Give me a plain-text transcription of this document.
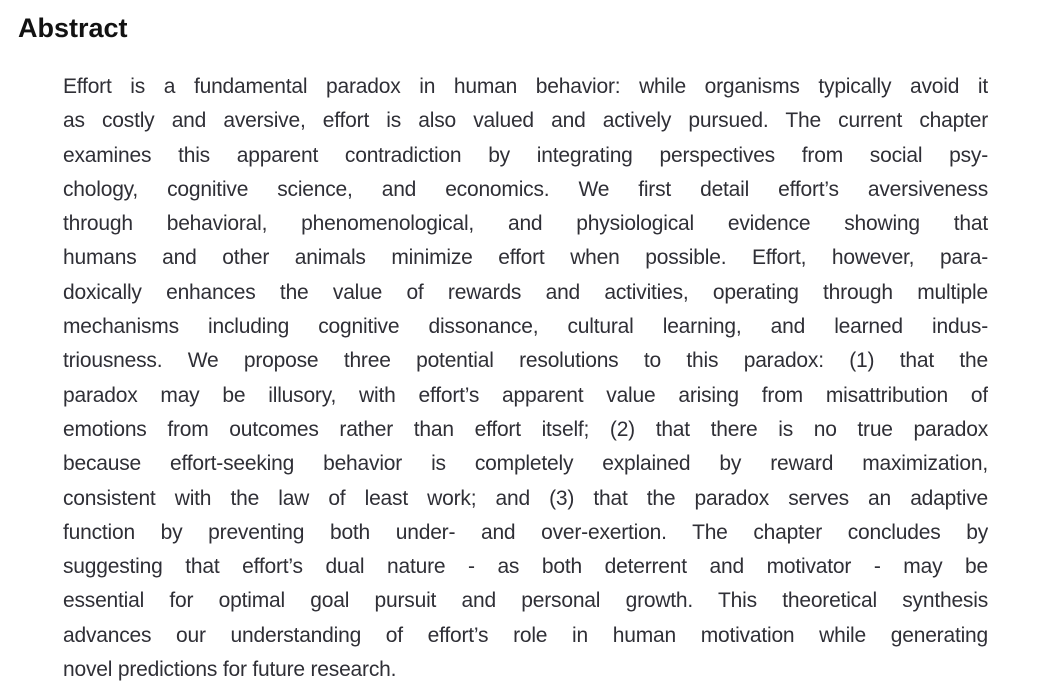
Abstract
Effort is a fundamental paradox in human behavior: while organisms typically avoid it
as costly and aversive, effort is also valued and actively pursued. The current chapter
examines this apparent contradiction by integrating perspectives from social psy-
chology, cognitive science, and economics. We first detail effort’s aversiveness
through behavioral, phenomenological, and physiological evidence showing that
humans and other animals minimize effort when possible. Effort, however, para-
doxically enhances the value of rewards and activities, operating through multiple
mechanisms including cognitive dissonance, cultural learning, and learned indus-
triousness. We propose three potential resolutions to this paradox: (1) that the
paradox may be illusory, with effort’s apparent value arising from misattribution of
emotions from outcomes rather than effort itself; (2) that there is no true paradox
because effort-seeking behavior is completely explained by reward maximization,
consistent with the law of least work; and (3) that the paradox serves an adaptive
function by preventing both under- and over-exertion. The chapter concludes by
suggesting that effort’s dual nature - as both deterrent and motivator - may be
essential for optimal goal pursuit and personal growth. This theoretical synthesis
advances our understanding of effort’s role in human motivation while generating
novel predictions for future research.
